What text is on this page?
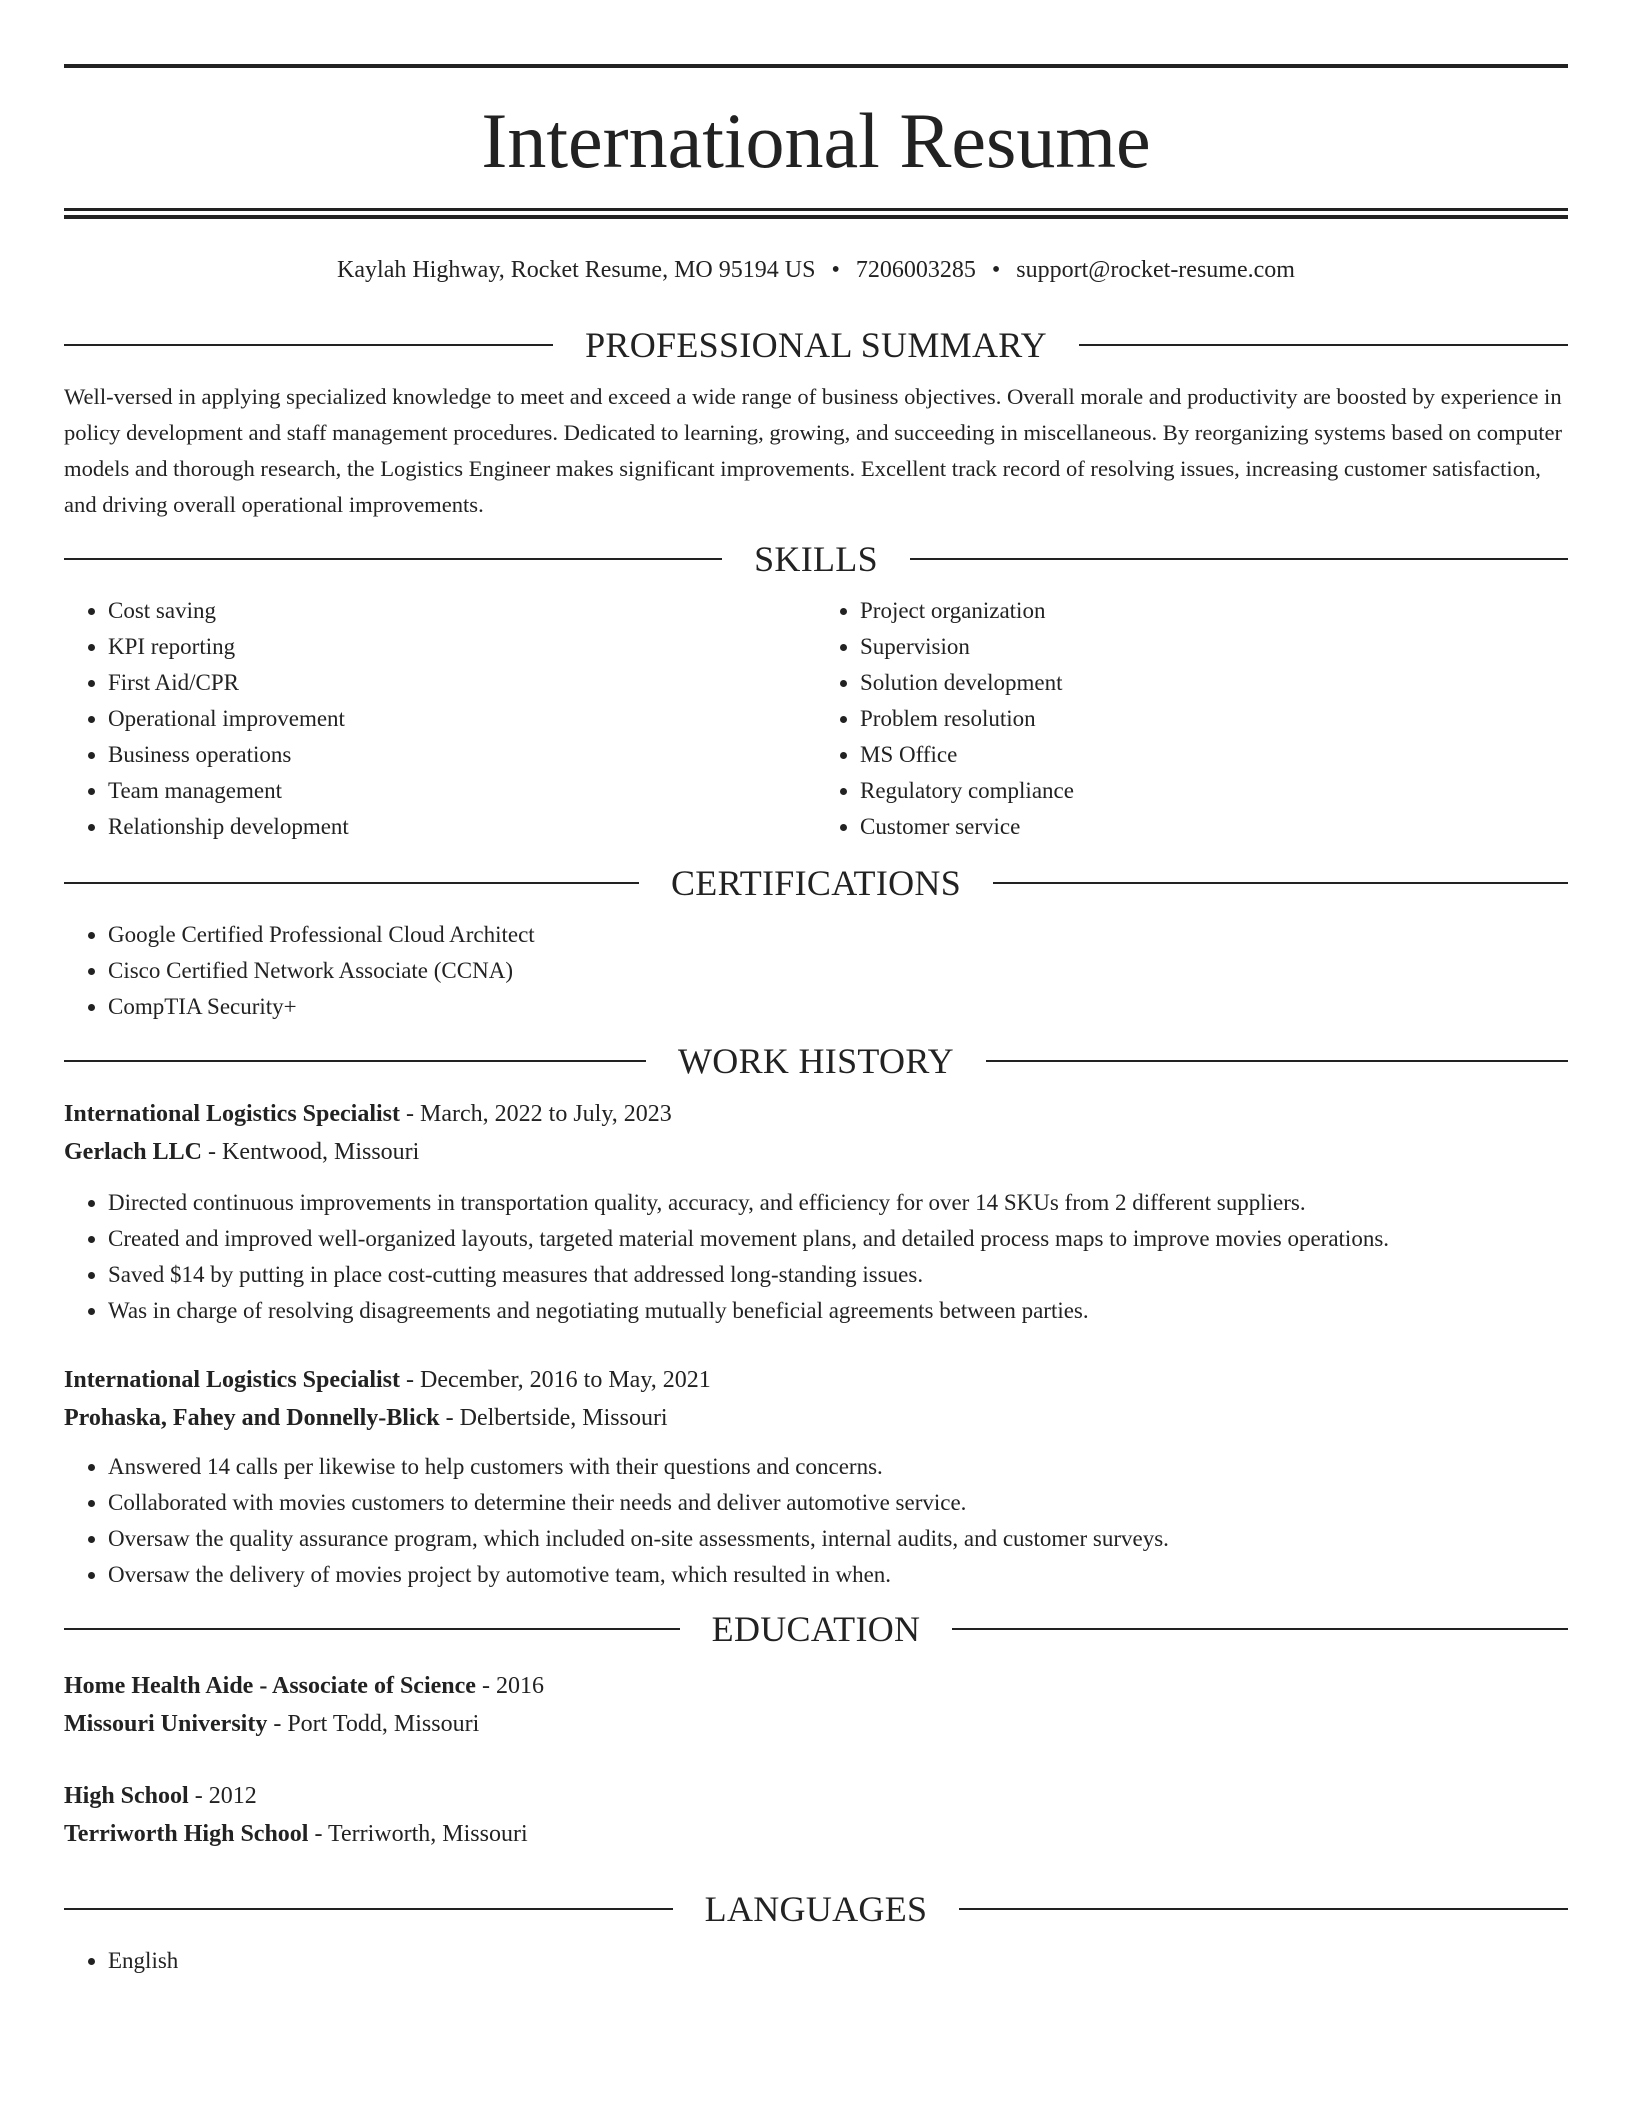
International Resume
Kaylah Highway, Rocket Resume, MO 95194 US • 7206003285 • support@rocket-resume.com
PROFESSIONAL SUMMARY

Well-versed in applying specialized knowledge to meet and exceed a wide range of business objectives. Overall morale and productivity are boosted by experience in policy development and staff management procedures. Dedicated to learning, growing, and succeeding in miscellaneous. By reorganizing systems based on computer models and thorough research, the Logistics Engineer makes significant improvements. Excellent track record of resolving issues, increasing customer satisfaction, and driving overall operational improvements.

SKILLS
• Cost saving
• KPI reporting
• First Aid/CPR
• Operational improvement
• Business operations
• Team management
• Relationship development
• Project organization
• Supervision
• Solution development
• Problem resolution
• MS Office
• Regulatory compliance
• Customer service
CERTIFICATIONS
• Google Certified Professional Cloud Architect
• Cisco Certified Network Associate (CCNA)
• CompTIA Security+
WORK HISTORY
International Logistics Specialist - March, 2022 to July, 2023
Gerlach LLC - Kentwood, Missouri
• Directed continuous improvements in transportation quality, accuracy, and efficiency for over 14 SKUs from 2 different suppliers.
• Created and improved well-organized layouts, targeted material movement plans, and detailed process maps to improve movies operations.
• Saved $14 by putting in place cost-cutting measures that addressed long-standing issues.
• Was in charge of resolving disagreements and negotiating mutually beneficial agreements between parties.
International Logistics Specialist - December, 2016 to May, 2021
Prohaska, Fahey and Donnelly-Blick - Delbertside, Missouri
• Answered 14 calls per likewise to help customers with their questions and concerns.
• Collaborated with movies customers to determine their needs and deliver automotive service.
• Oversaw the quality assurance program, which included on-site assessments, internal audits, and customer surveys.
• Oversaw the delivery of movies project by automotive team, which resulted in when.
EDUCATION
Home Health Aide - Associate of Science - 2016
Missouri University - Port Todd, Missouri
High School - 2012
Terriworth High School - Terriworth, Missouri
LANGUAGES
• English
